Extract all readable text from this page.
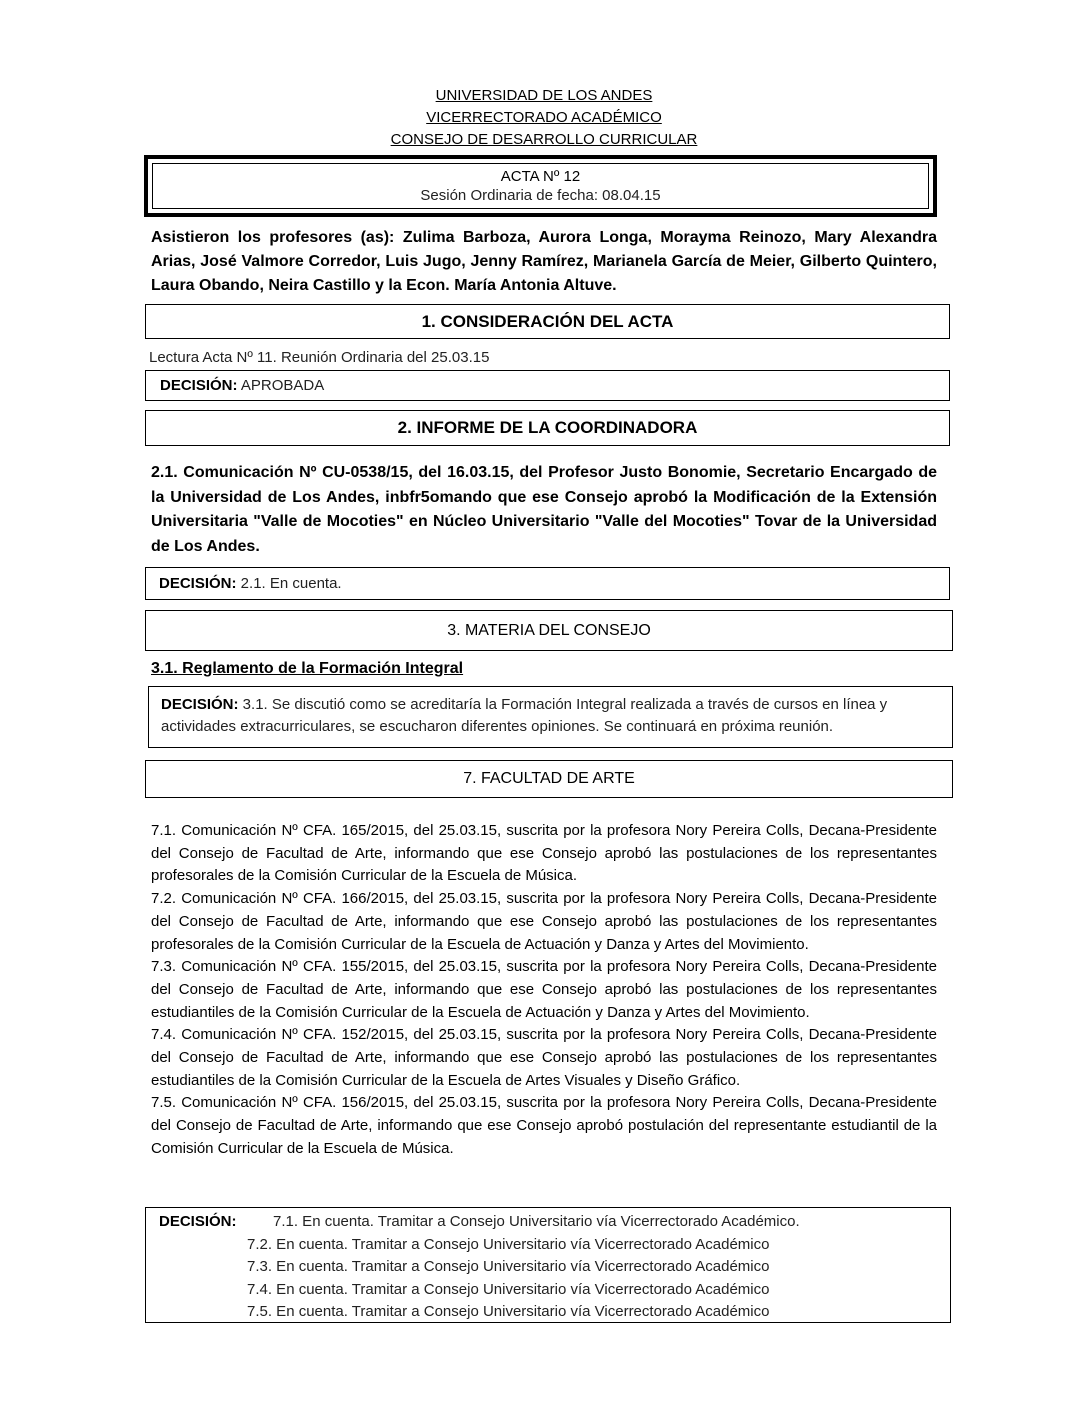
UNIVERSIDAD DE LOS ANDES
VICERRECTORADO ACADÉMICO
CONSEJO DE DESARROLLO CURRICULAR
ACTA Nº 12
Sesión Ordinaria de fecha: 08.04.15
Asistieron los profesores (as): Zulima Barboza, Aurora Longa, Morayma Reinozo, Mary Alexandra Arias, José Valmore Corredor, Luis Jugo, Jenny Ramírez, Marianela García de Meier, Gilberto Quintero, Laura Obando, Neira Castillo y la Econ. María Antonia Altuve.
1. CONSIDERACIÓN DEL ACTA
Lectura Acta Nº 11. Reunión Ordinaria del 25.03.15
DECISIÓN: APROBADA
2. INFORME DE LA COORDINADORA
2.1. Comunicación Nº CU-0538/15, del 16.03.15, del Profesor Justo Bonomie, Secretario Encargado de la Universidad de Los Andes, inbfr5omando que ese Consejo aprobó la Modificación de la Extensión Universitaria "Valle de Mocoties" en Núcleo Universitario "Valle del Mocoties" Tovar de la Universidad de Los Andes.
DECISIÓN: 2.1. En cuenta.
3. MATERIA DEL CONSEJO
3.1. Reglamento de la Formación Integral
DECISIÓN: 3.1. Se discutió como se acreditaría la Formación Integral realizada a través de cursos en línea y actividades extracurriculares, se escucharon diferentes opiniones. Se continuará en próxima reunión.
7. FACULTAD DE ARTE
7.1. Comunicación Nº CFA. 165/2015, del 25.03.15, suscrita por la profesora Nory Pereira Colls, Decana-Presidente del Consejo de Facultad de Arte, informando que ese Consejo aprobó las postulaciones de los representantes profesorales de la Comisión Curricular de la Escuela de Música.
7.2. Comunicación Nº CFA. 166/2015, del 25.03.15, suscrita por la profesora Nory Pereira Colls, Decana-Presidente del Consejo de Facultad de Arte, informando que ese Consejo aprobó las postulaciones de los representantes profesorales de la Comisión Curricular de la Escuela de Actuación y Danza y Artes del Movimiento.
7.3. Comunicación Nº CFA. 155/2015, del 25.03.15, suscrita por la profesora Nory Pereira Colls, Decana-Presidente del Consejo de Facultad de Arte, informando que ese Consejo aprobó las postulaciones de los representantes estudiantiles de la Comisión Curricular de la Escuela de Actuación y Danza y Artes del Movimiento.
7.4. Comunicación Nº CFA. 152/2015, del 25.03.15, suscrita por la profesora Nory Pereira Colls, Decana-Presidente del Consejo de Facultad de Arte, informando que ese Consejo aprobó las postulaciones de los representantes estudiantiles de la Comisión Curricular de la Escuela de Artes Visuales y Diseño Gráfico.
7.5. Comunicación Nº CFA. 156/2015, del 25.03.15, suscrita por la profesora Nory Pereira Colls, Decana-Presidente del Consejo de Facultad de Arte, informando que ese Consejo aprobó postulación del representante estudiantil de la Comisión Curricular de la Escuela de Música.
DECISIÓN: 7.1. En cuenta. Tramitar a Consejo Universitario vía Vicerrectorado Académico.
7.2. En cuenta. Tramitar a Consejo Universitario vía Vicerrectorado Académico
7.3. En cuenta. Tramitar a Consejo Universitario vía Vicerrectorado Académico
7.4. En cuenta. Tramitar a Consejo Universitario vía Vicerrectorado Académico
7.5. En cuenta. Tramitar a Consejo Universitario vía Vicerrectorado Académico
